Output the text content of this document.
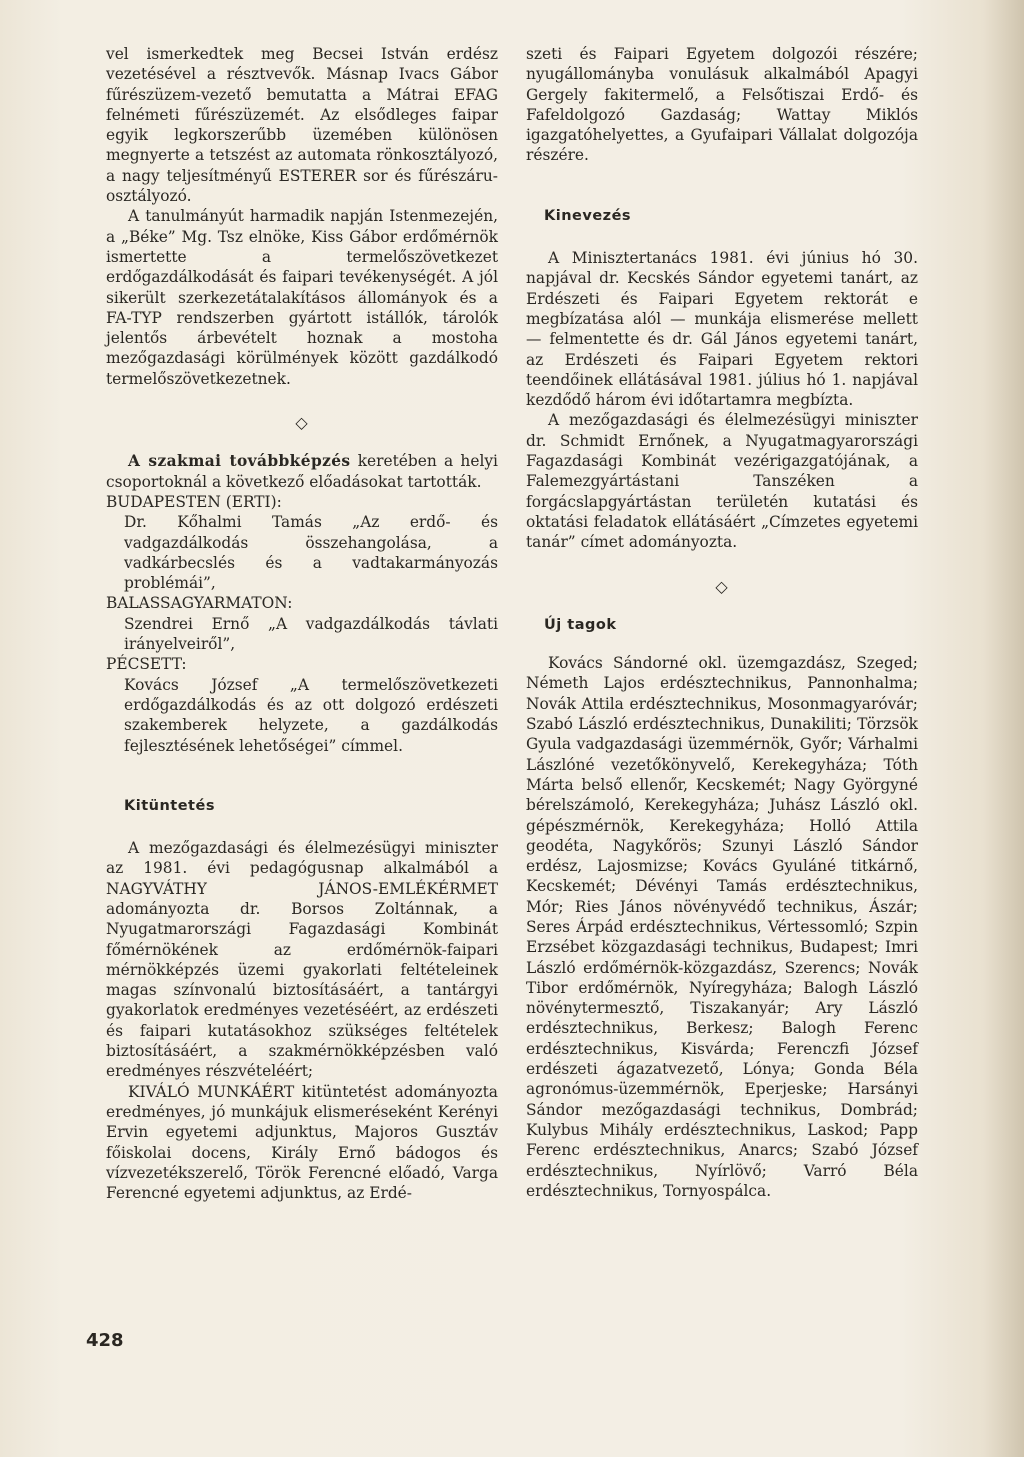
vel ismerkedtek meg Becsei István erdész vezetésével a résztvevők. Másnap Ivacs Gábor fűrészüzem-vezető bemutatta a Mátrai EFAG felnémeti fűrészüzemét. Az elsődleges faipar egyik legkorszerűbb üzemében különösen megnyerte a tetszést az automata rönkosztályozó, a nagy teljesítményű ESTERER sor és fűrészáru-osztályozó.

A tanulmányút harmadik napján Istenmezején, a „Béke” Mg. Tsz elnöke, Kiss Gábor erdőmérnök ismertette a termelőszövetkezet erdőgazdálkodását és faipari tevékenységét. A jól sikerült szerkezetátalakításos állományok és a FA-TYP rendszerben gyártott istállók, tárolók jelentős árbevételt hoznak a mostoha mezőgazdasági körülmények között gazdálkodó termelőszövetkezetnek.

◇

A szakmai továbbképzés keretében a helyi csoportoknál a következő előadásokat tartották.

BUDAPESTEN (ERTI):

Dr. Kőhalmi Tamás „Az erdő- és vadgazdálkodás összehangolása, a vadkárbecslés és a vadtakarmányozás problémái”,

BALASSAGYARMATON:

Szendrei Ernő „A vadgazdálkodás távlati irányelveiről”,

PÉCSETT:

Kovács József „A termelőszövetkezeti erdőgazdálkodás és az ott dolgozó erdészeti szakemberek helyzete, a gazdálkodás fejlesztésének lehetőségei” címmel.

Kitüntetés

A mezőgazdasági és élelmezésügyi miniszter az 1981. évi pedagógusnap alkalmából a NAGYVÁTHY JÁNOS-EMLÉKÉRMET adományozta dr. Borsos Zoltánnak, a Nyugatmarországi Fagazdasági Kombinát főmérnökének az erdőmérnök-faipari mérnökképzés üzemi gyakorlati feltételeinek magas színvonalú biztosításáért, a tantárgyi gyakorlatok eredményes vezetéséért, az erdészeti és faipari kutatásokhoz szükséges feltételek biztosításáért, a szakmérnökképzésben való eredményes részvételéért;

KIVÁLÓ MUNKÁÉRT kitüntetést adományozta eredményes, jó munkájuk elismeréseként Kerényi Ervin egyetemi adjunktus, Majoros Gusztáv főiskolai docens, Király Ernő bádogos és vízvezetékszerelő, Török Ferencné előadó, Varga Ferencné egyetemi adjunktus, az Erdé-

szeti és Faipari Egyetem dolgozói részére; nyugállományba vonulásuk alkalmából Apagyi Gergely fakitermelő, a Felsőtiszai Erdő- és Fafeldolgozó Gazdaság; Wattay Miklós igazgatóhelyettes, a Gyufaipari Vállalat dolgozója részére.

Kinevezés

A Minisztertanács 1981. évi június hó 30. napjával dr. Kecskés Sándor egyetemi tanárt, az Erdészeti és Faipari Egyetem rektorát e megbízatása alól — munkája elismerése mellett — felmentette és dr. Gál János egyetemi tanárt, az Erdészeti és Faipari Egyetem rektori teendőinek ellátásával 1981. július hó 1. napjával kezdődő három évi időtartamra megbízta.

A mezőgazdasági és élelmezésügyi miniszter dr. Schmidt Ernőnek, a Nyugatmagyarországi Fagazdasági Kombinát vezérigazgatójának, a Falemezgyártástani Tanszéken a forgácslapgyártástan területén kutatási és oktatási feladatok ellátásáért „Címzetes egyetemi tanár” címet adományozta.

◇
Új tagok

Kovács Sándorné okl. üzemgazdász, Szeged; Németh Lajos erdésztechnikus, Pannonhalma; Novák Attila erdésztechnikus, Mosonmagyaróvár; Szabó László erdésztechnikus, Dunakiliti; Törzsök Gyula vadgazdasági üzemmérnök, Győr; Várhalmi Lászlóné vezetőkönyvelő, Kerekegyháza; Tóth Márta belső ellenőr, Kecskemét; Nagy Györgyné bérelszámoló, Kerekegyháza; Juhász László okl. gépészmérnök, Kerekegyháza; Holló Attila geodéta, Nagykőrös; Szunyi László Sándor erdész, Lajosmizse; Kovács Gyuláné titkárnő, Kecskemét; Dévényi Tamás erdésztechnikus, Mór; Ries János növényvédő technikus, Ászár; Seres Árpád erdésztechnikus, Vértessomló; Szpin Erzsébet közgazdasági technikus, Budapest; Imri László erdőmérnök-közgazdász, Szerencs; Novák Tibor erdőmérnök, Nyíregyháza; Balogh László növénytermesztő, Tiszakanyár; Ary László erdésztechnikus, Berkesz; Balogh Ferenc erdésztechnikus, Kisvárda; Ferenczfi József erdészeti ágazatvezető, Lónya; Gonda Béla agronómus-üzemmérnök, Eperjeske; Harsányi Sándor mezőgazdasági technikus, Dombrád; Kulybus Mihály erdésztechnikus, Laskod; Papp Ferenc erdésztechnikus, Anarcs; Szabó József erdésztechnikus, Nyírlövő; Varró Béla erdésztechnikus, Tornyospálca.

428
